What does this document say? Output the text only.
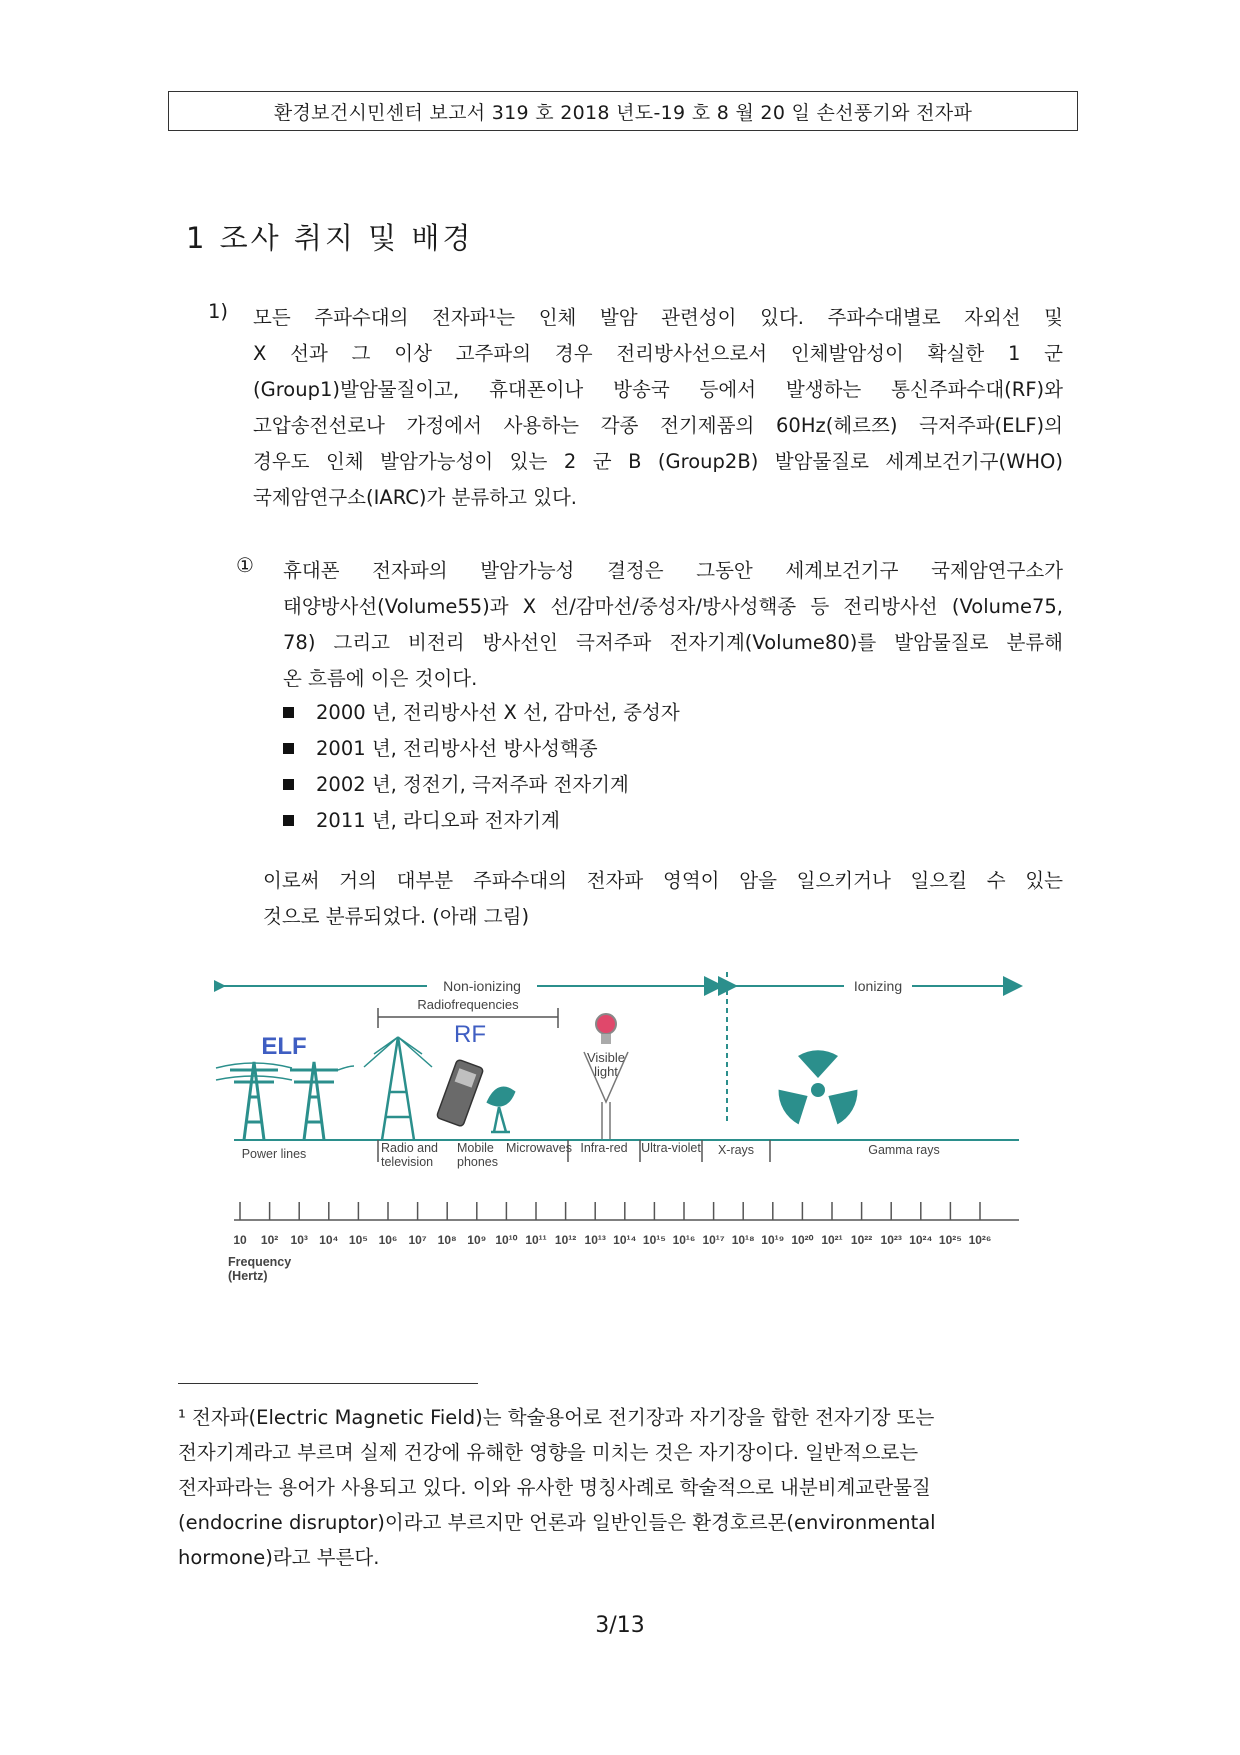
환경보건시민센터 보고서 319 호 2018 년도-19 호 8 월 20 일 손선풍기와 전자파
1 조사 취지 및 배경
1) 모든 주파수대의 전자파¹는 인체 발암 관련성이 있다. 주파수대별로 자외선 및
X 선과 그 이상 고주파의 경우 전리방사선으로서 인체발암성이 확실한 1 군
(Group1)발암물질이고, 휴대폰이나 방송국 등에서 발생하는 통신주파수대(RF)와
고압송전선로나 가정에서 사용하는 각종 전기제품의 60Hz(헤르쯔) 극저주파(ELF)의
경우도 인체 발암가능성이 있는 2 군 B (Group2B) 발암물질로 세계보건기구(WHO)
국제암연구소(IARC)가 분류하고 있다.
① 휴대폰 전자파의 발암가능성 결정은 그동안 세계보건기구 국제암연구소가
태양방사선(Volume55)과 X 선/감마선/중성자/방사성핵종 등 전리방사선 (Volume75,
78) 그리고 비전리 방사선인 극저주파 전자기계(Volume80)를 발암물질로 분류해
온 흐름에 이은 것이다.
2000 년, 전리방사선 X 선, 감마선, 중성자
2001 년, 전리방사선 방사성핵종
2002 년, 정전기, 극저주파 전자기계
2011 년, 라디오파 전자기계
이로써 거의 대부분 주파수대의 전자파 영역이 암을 일으키거나 일으킬 수 있는
것으로 분류되었다. (아래 그림)
Non-ionizing	Ionizing
Radiofrequencies
ELF	RF
Visible
light
Power lines	Radio and
television
Mobile
phones
Microwaves Infra-red Ultra-violet X-rays	Gamma rays
10 10² 10³ 10⁴ 10⁵ 10⁶ 10⁷ 10⁸ 10⁹ 10¹⁰ 10¹¹ 10¹² 10¹³ 10¹⁴ 10¹⁵ 10¹⁶ 10¹⁷ 10¹⁸ 10¹⁹ 10²⁰ 10²¹ 10²² 10²³ 10²⁴ 10²⁵ 10²⁶
Frequency
(Hertz)
¹ 전자파(Electric Magnetic Field)는 학술용어로 전기장과 자기장을 합한 전자기장 또는
전자기계라고 부르며 실제 건강에 유해한 영향을 미치는 것은 자기장이다. 일반적으로는
전자파라는 용어가 사용되고 있다. 이와 유사한 명칭사례로 학술적으로 내분비계교란물질
(endocrine disruptor)이라고 부르지만 언론과 일반인들은 환경호르몬(environmental
hormone)라고 부른다.
3/13
